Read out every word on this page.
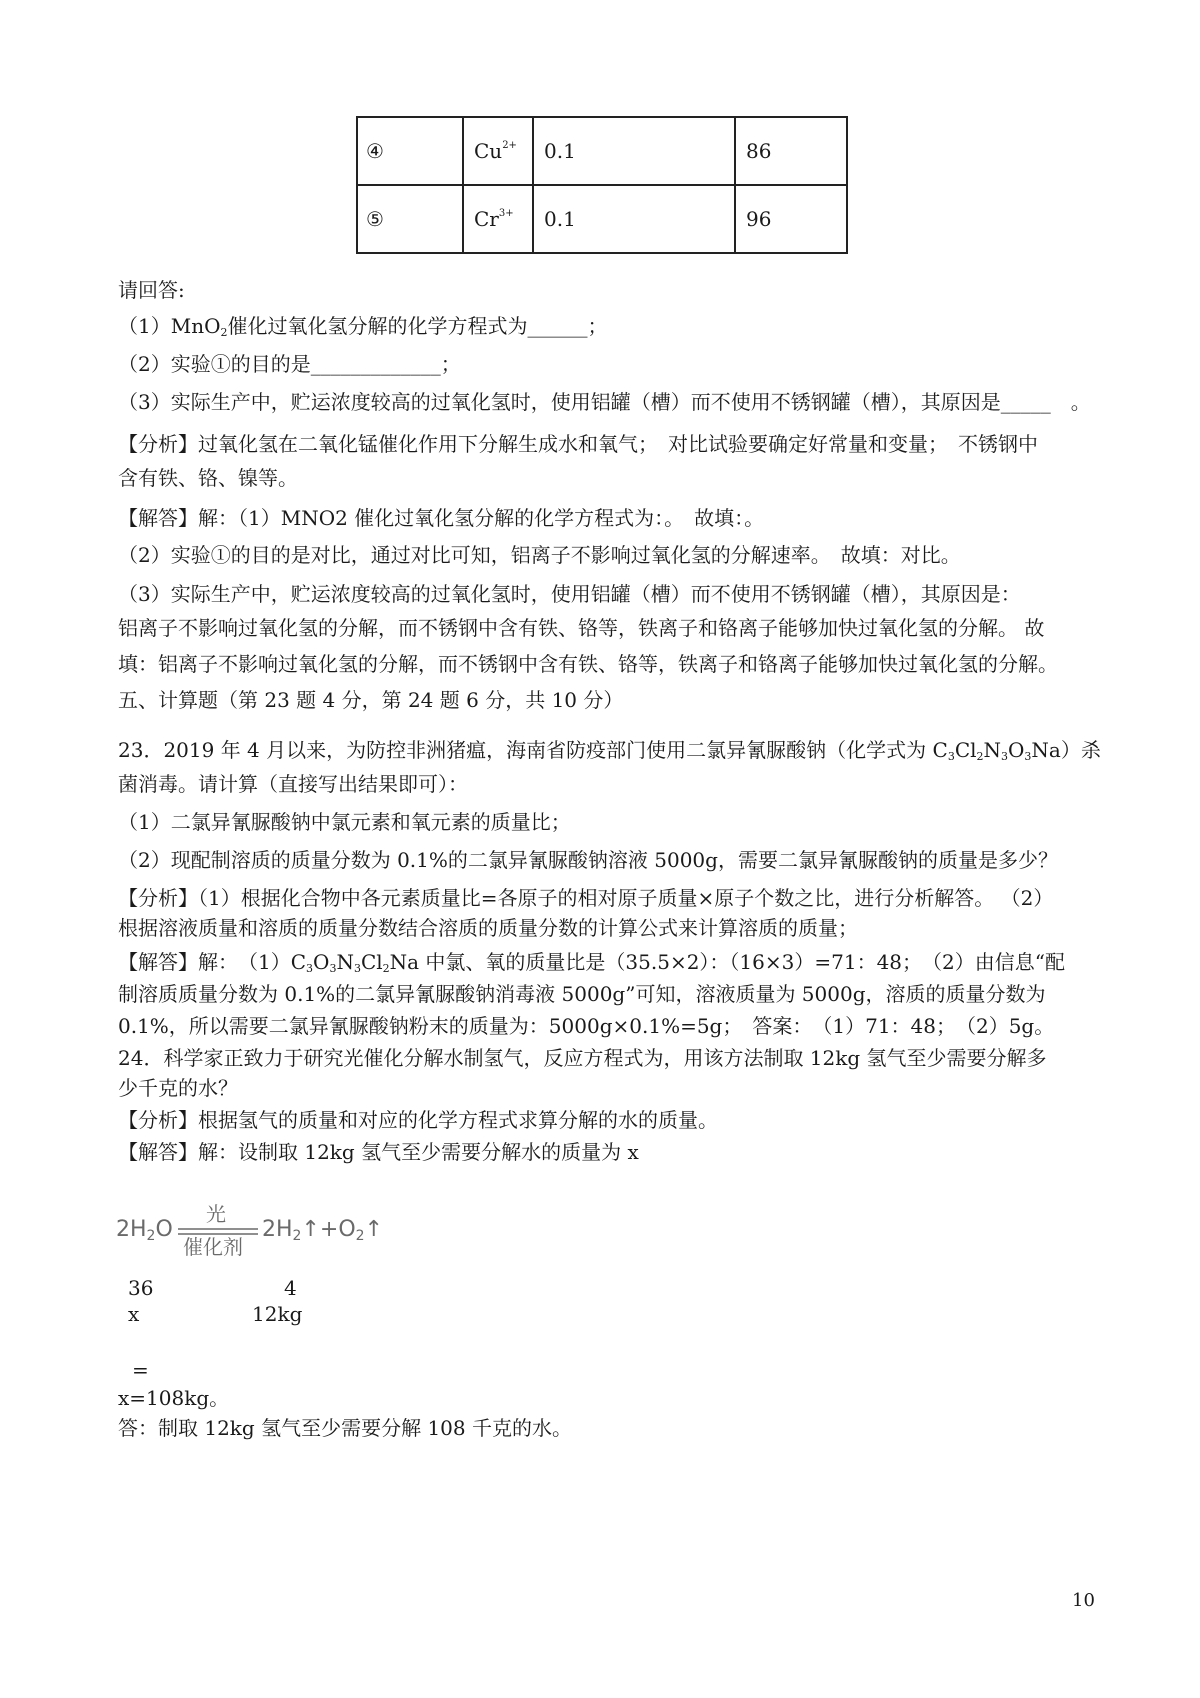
④	$Cu^{2+}$	0.1	86
⑤	$Cr^{3+}$	0.1	96
请回答:
（1）MnO$_2$催化过氧化氢分解的化学方程式为______；
（2）实验①的目的是_____________；
（3）实际生产中，贮运浓度较高的过氧化氢时，使用铝罐（槽）而不使用不锈钢罐（槽），其原因是_____　。
【分析】过氧化氢在二氧化锰催化作用下分解生成水和氧气；　对比试验要确定好常量和变量；　不锈钢中
含有铁、铬、镍等。
【解答】解：（1）MNO2 催化过氧化氢分解的化学方程式为：。　故填：。
（2）实验①的目的是对比，通过对比可知，铝离子不影响过氧化氢的分解速率。　故填：对比。
（3）实际生产中，贮运浓度较高的过氧化氢时，使用铝罐（槽）而不使用不锈钢罐（槽），其原因是：
铝离子不影响过氧化氢的分解，而不锈钢中含有铁、铬等，铁离子和铬离子能够加快过氧化氢的分解。 故
填：铝离子不影响过氧化氢的分解，而不锈钢中含有铁、铬等，铁离子和铬离子能够加快过氧化氢的分解。
五、计算题（第 23 题 4 分，第 24 题 6 分，共 10 分）
23．2019 年 4 月以来，为防控非洲猪瘟，海南省防疫部门使用二氯异氰脲酸钠（化学式为 $C_3Cl_2N_3O_3Na$）杀
菌消毒。请计算（直接写出结果即可）：
（1）二氯异氰脲酸钠中氯元素和氧元素的质量比；
（2）现配制溶质的质量分数为 0.1%的二氯异氰脲酸钠溶液 5000g，需要二氯异氰脲酸钠的质量是多少？
【分析】（1）根据化合物中各元素质量比=各原子的相对原子质量×原子个数之比，进行分析解答。 （2）
根据溶液质量和溶质的质量分数结合溶质的质量分数的计算公式来计算溶质的质量；
【解答】解：　$(1)C_3O_3N_3Cl_2Na$ 中氯、氧的质量比是（35.5×2）：（16×3）=71：48；　（2）由信息“配
制溶质质量分数为 0.1%的二氯异氰脲酸钠消毒液 5000g”可知，溶液质量为 5000g，溶质的质量分数为
0.1%，所以需要二氯异氰脲酸钠粉末的质量为：5000g×0.1%=5g；　答案：　（1）71：48；　（2）5g。
24．科学家正致力于研究光催化分解水制氢气，反应方程式为，用该方法制取 12kg 氢气至少需要分解多
少千克的水？
【分析】根据氢气的质量和对应的化学方程式求算分解的水的质量。
【解答】解：设制取 12kg 氢气至少需要分解水的质量为 x
2H2O
光
催化剂
2H2↑+O2↑
36	4
x	12kg
=
x=108kg。
答：制取 12kg 氢气至少需要分解 108 千克的水。
10
